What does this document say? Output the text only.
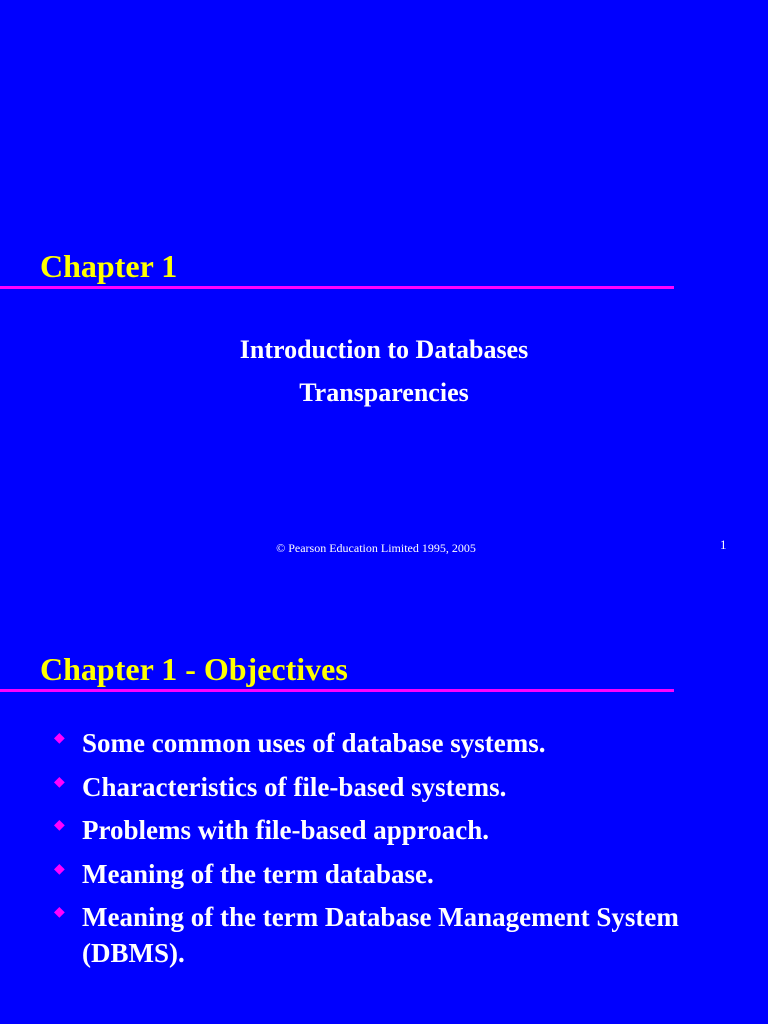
Chapter 1
Introduction to Databases
Transparencies
© Pearson Education Limited 1995, 2005	1
Chapter 1 - Objectives
◆ Some common uses of database systems.
◆ Characteristics of file-based systems.
◆ Problems with file-based approach.
◆ Meaning of the term database.
◆ Meaning of the term Database Management System (DBMS).
